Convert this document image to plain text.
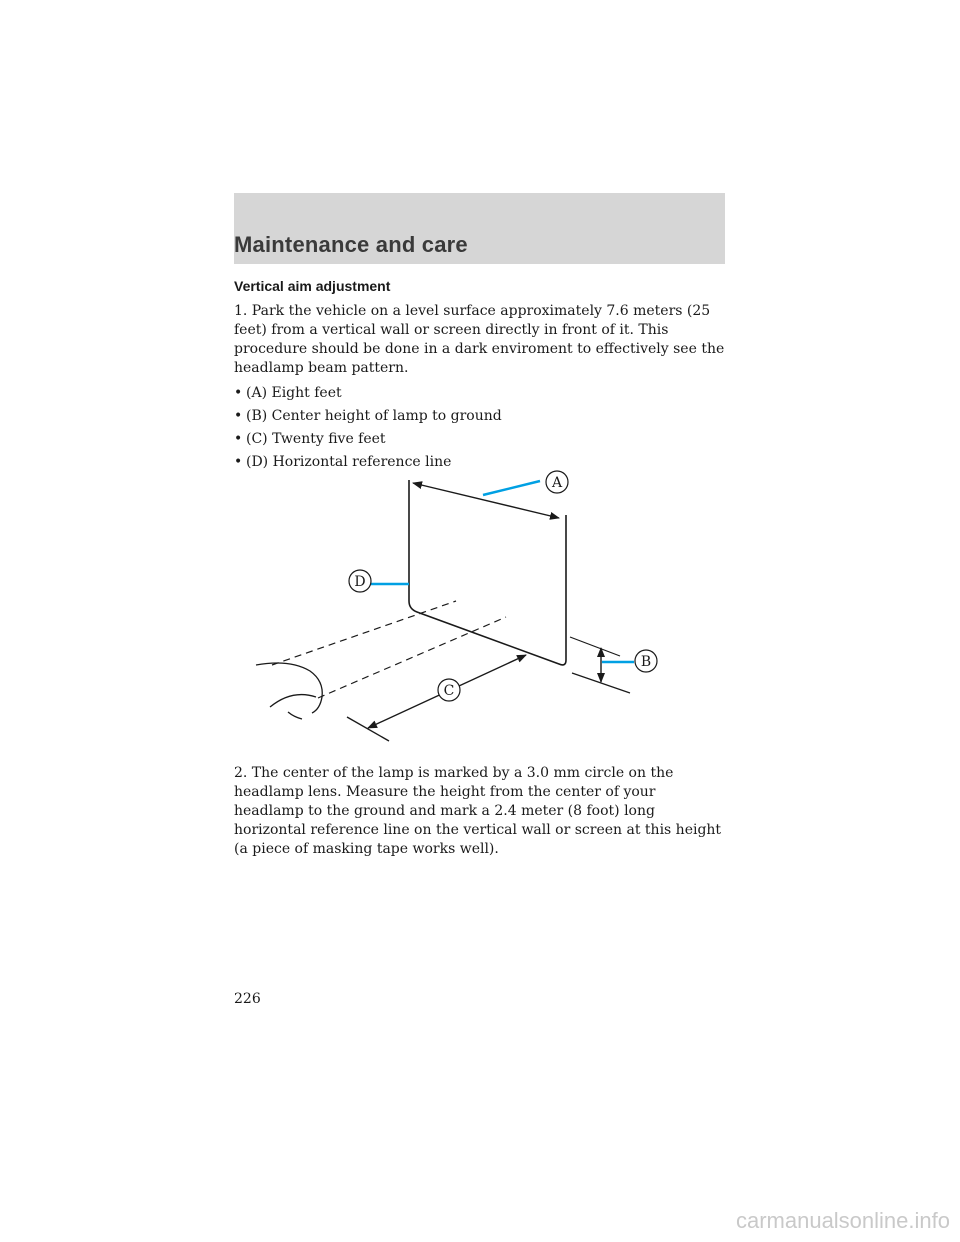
Maintenance and care
Vertical aim adjustment

1. Park the vehicle on a level surface approximately 7.6 meters (25 feet) from a vertical wall or screen directly in front of it. This procedure should be done in a dark enviroment to effectively see the headlamp beam pattern.

• (A) Eight feet
• (B) Center height of lamp to ground
• (C) Twenty five feet
• (D) Horizontal reference line
A
D
C
B

2. The center of the lamp is marked by a 3.0 mm circle on the headlamp lens. Measure the height from the center of your headlamp to the ground and mark a 2.4 meter (8 foot) long horizontal reference line on the vertical wall or screen at this height (a piece of masking tape works well).

226

carmanualsonline.info
